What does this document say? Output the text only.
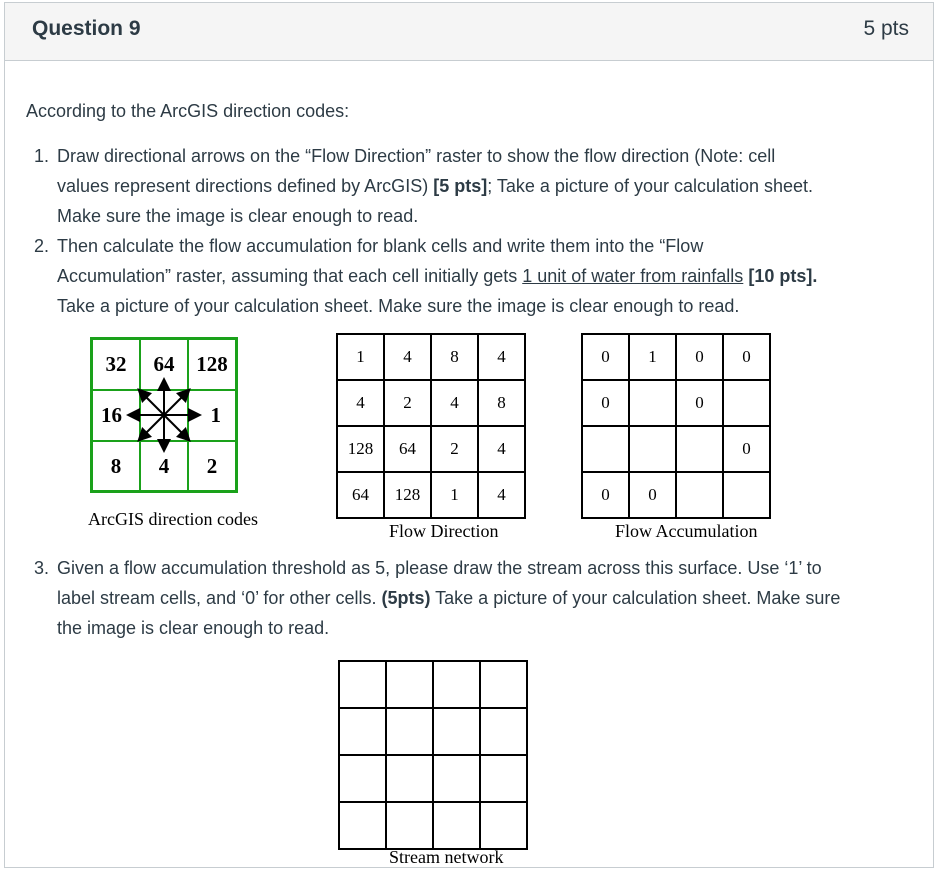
Question 9	5 pts
According to the ArcGIS direction codes:
1. Draw directional arrows on the “Flow Direction” raster to show the flow direction (Note: cell
values represent directions defined by ArcGIS) [5 pts]; Take a picture of your calculation sheet.
Make sure the image is clear enough to read.
2. Then calculate the flow accumulation for blank cells and write them into the “Flow
Accumulation” raster, assuming that each cell initially gets 1 unit of water from rainfalls [10 pts].
Take a picture of your calculation sheet. Make sure the image is clear enough to read.
32	64	128
16	1
8	4	2
ArcGIS direction codes
1	4	8	4
4	2	4	8
128	64	2	4
64	128	1	4
Flow Direction
0	1	0	0
0		0	
			0
0	0		
Flow Accumulation
3. Given a flow accumulation threshold as 5, please draw the stream across this surface. Use ‘1’ to
label stream cells, and ‘0’ for other cells. (5pts) Take a picture of your calculation sheet. Make sure
the image is clear enough to read.

Stream network
